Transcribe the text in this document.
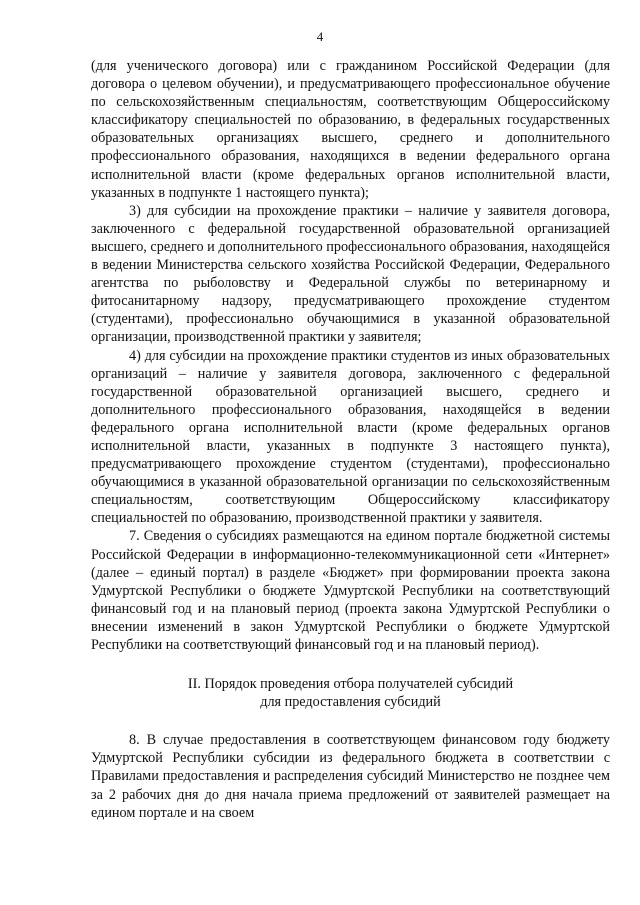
4

(для ученического договора) или с гражданином Российской Федерации (для договора о целевом обучении), и предусматривающего профессиональное обучение по сельскохозяйственным специальностям, соответствующим Общероссийскому классификатору специальностей по образованию, в федеральных государственных образовательных организациях высшего, среднего и дополнительного профессионального образования, находящихся в ведении федерального органа исполнительной власти (кроме федеральных органов исполнительной власти, указанных в подпункте 1 настоящего пункта);

3) для субсидии на прохождение практики – наличие у заявителя договора, заключенного с федеральной государственной образовательной организацией высшего, среднего и дополнительного профессионального образования, находящейся в ведении Министерства сельского хозяйства Российской Федерации, Федерального агентства по рыболовству и Федеральной службы по ветеринарному и фитосанитарному надзору, предусматривающего прохождение студентом (студентами), профессионально обучающимися в указанной образовательной организации, производственной практики у заявителя;

4) для субсидии на прохождение практики студентов из иных образовательных организаций – наличие у заявителя договора, заключенного с федеральной государственной образовательной организацией высшего, среднего и дополнительного профессионального образования, находящейся в ведении федерального органа исполнительной власти (кроме федеральных органов исполнительной власти, указанных в подпункте 3 настоящего пункта), предусматривающего прохождение студентом (студентами), профессионально обучающимися в указанной образовательной организации по сельскохозяйственным специальностям, соответствующим Общероссийскому классификатору специальностей по образованию, производственной практики у заявителя.

7. Сведения о субсидиях размещаются на едином портале бюджетной системы Российской Федерации в информационно-телекоммуникационной сети «Интернет» (далее – единый портал) в разделе «Бюджет» при формировании проекта закона Удмуртской Республики о бюджете Удмуртской Республики на соответствующий финансовый год и на плановый период (проекта закона Удмуртской Республики о внесении изменений в закон Удмуртской Республики о бюджете Удмуртской Республики на соответствующий финансовый год и на плановый период).

II. Порядок проведения отбора получателей субсидий

для предоставления субсидий

8. В случае предоставления в соответствующем финансовом году бюджету Удмуртской Республики субсидии из федерального бюджета в соответствии с Правилами предоставления и распределения субсидий Министерство не позднее чем за 2 рабочих дня до дня начала приема предложений от заявителей размещает на едином портале и на своем
